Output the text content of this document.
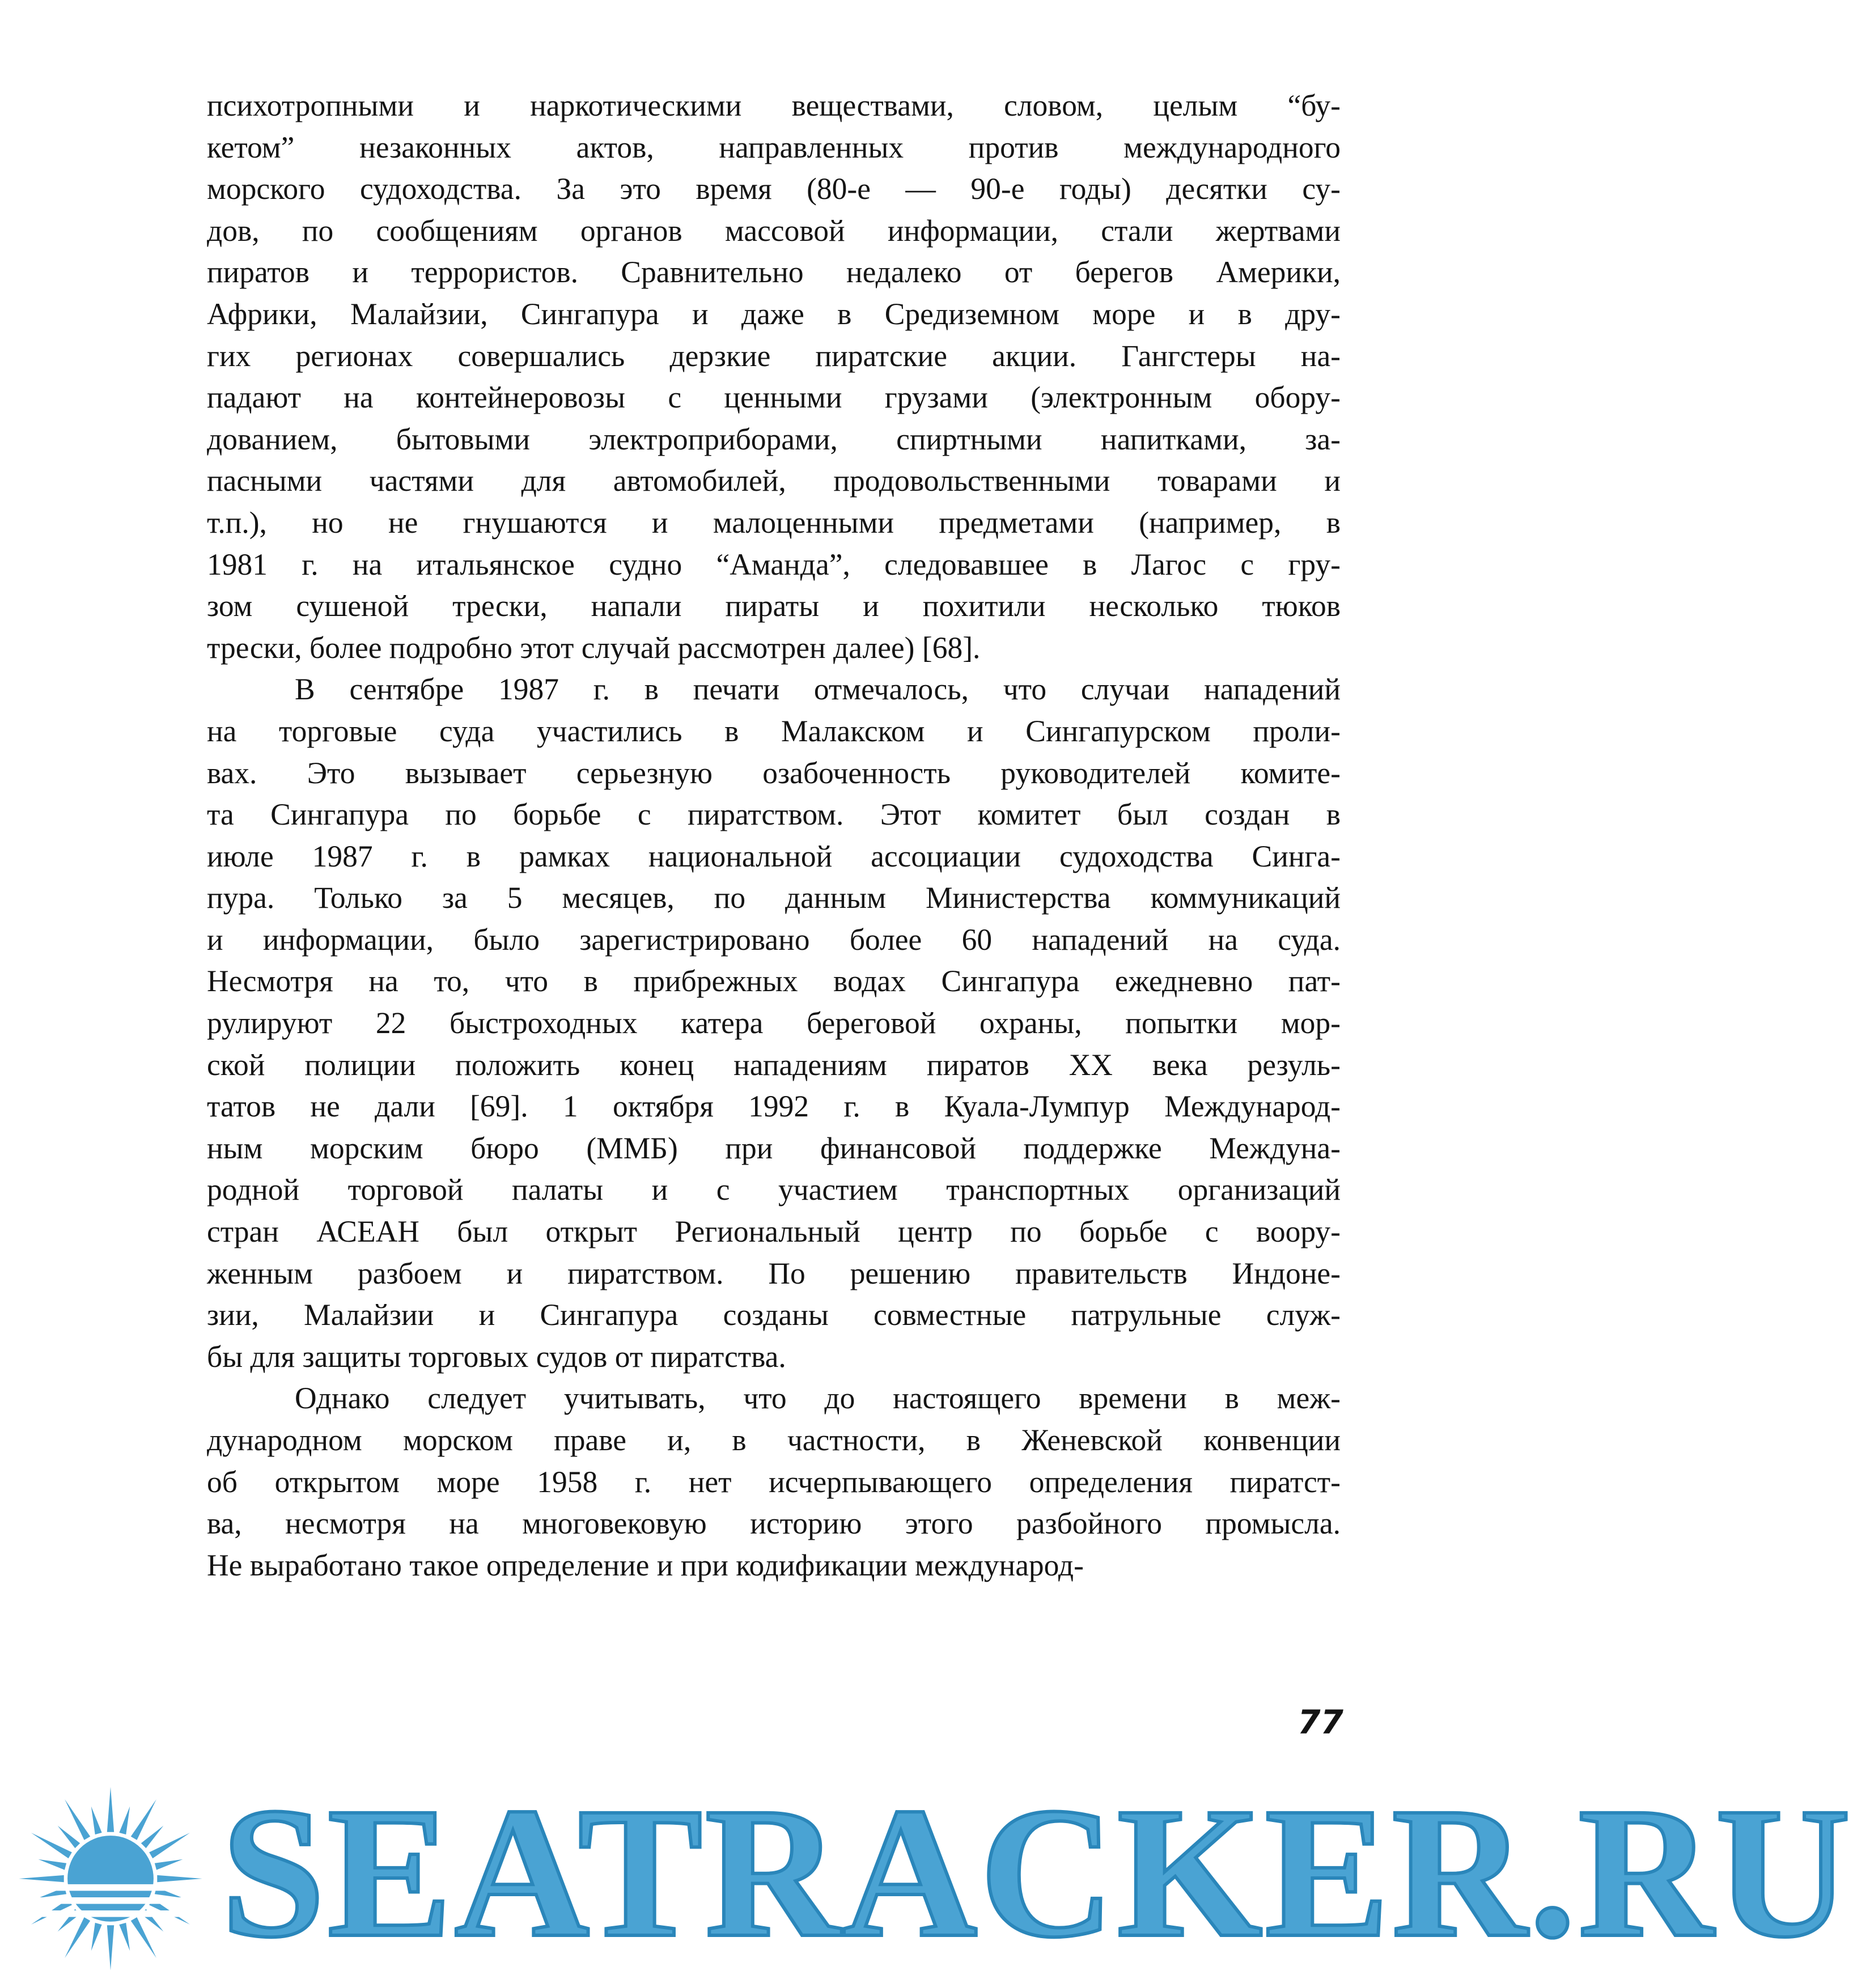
психотропными и наркотическими веществами, словом, целым “бу-
кетом” незаконных актов, направленных против международного
морского судоходства. За это время (80-е — 90-е годы) десятки су-
дов, по сообщениям органов массовой информации, стали жертвами
пиратов и террористов. Сравнительно недалеко от берегов Америки,
Африки, Малайзии, Сингапура и даже в Средиземном море и в дру-
гих регионах совершались дерзкие пиратские акции. Гангстеры на-
падают на контейнеровозы с ценными грузами (электронным обору-
дованием, бытовыми электроприборами, спиртными напитками, за-
пасными частями для автомобилей, продовольственными товарами и
т.п.), но не гнушаются и малоценными предметами (например, в
1981 г. на итальянское судно “Аманда”, следовавшее в Лагос с гру-
зом сушеной трески, напали пираты и похитили несколько тюков
трески, более подробно этот случай рассмотрен далее) [68].

В сентябре 1987 г. в печати отмечалось, что случаи нападений
на торговые суда участились в Малакском и Сингапурском проли-
вах. Это вызывает серьезную озабоченность руководителей комите-
та Сингапура по борьбе с пиратством. Этот комитет был создан в
июле 1987 г. в рамках национальной ассоциации судоходства Синга-
пура. Только за 5 месяцев, по данным Министерства коммуникаций
и информации, было зарегистрировано более 60 нападений на суда.
Несмотря на то, что в прибрежных водах Сингапура ежедневно пат-
рулируют 22 быстроходных катера береговой охраны, попытки мор-
ской полиции положить конец нападениям пиратов XX века резуль-
татов не дали [69]. 1 октября 1992 г. в Куала-Лумпур Международ-
ным морским бюро (ММБ) при финансовой поддержке Междуна-
родной торговой палаты и с участием транспортных организаций
стран АСЕАН был открыт Региональный центр по борьбе с воору-
женным разбоем и пиратством. По решению правительств Индоне-
зии, Малайзии и Сингапура созданы совместные патрульные служ-
бы для защиты торговых судов от пиратства.

Однако следует учитывать, что до настоящего времени в меж-
дународном морском праве и, в частности, в Женевской конвенции
об открытом море 1958 г. нет исчерпывающего определения пиратст-
ва, несмотря на многовековую историю этого разбойного промысла.
Не выработано такое определение и при кодификации международ-

77
SEATRACKER.RU
